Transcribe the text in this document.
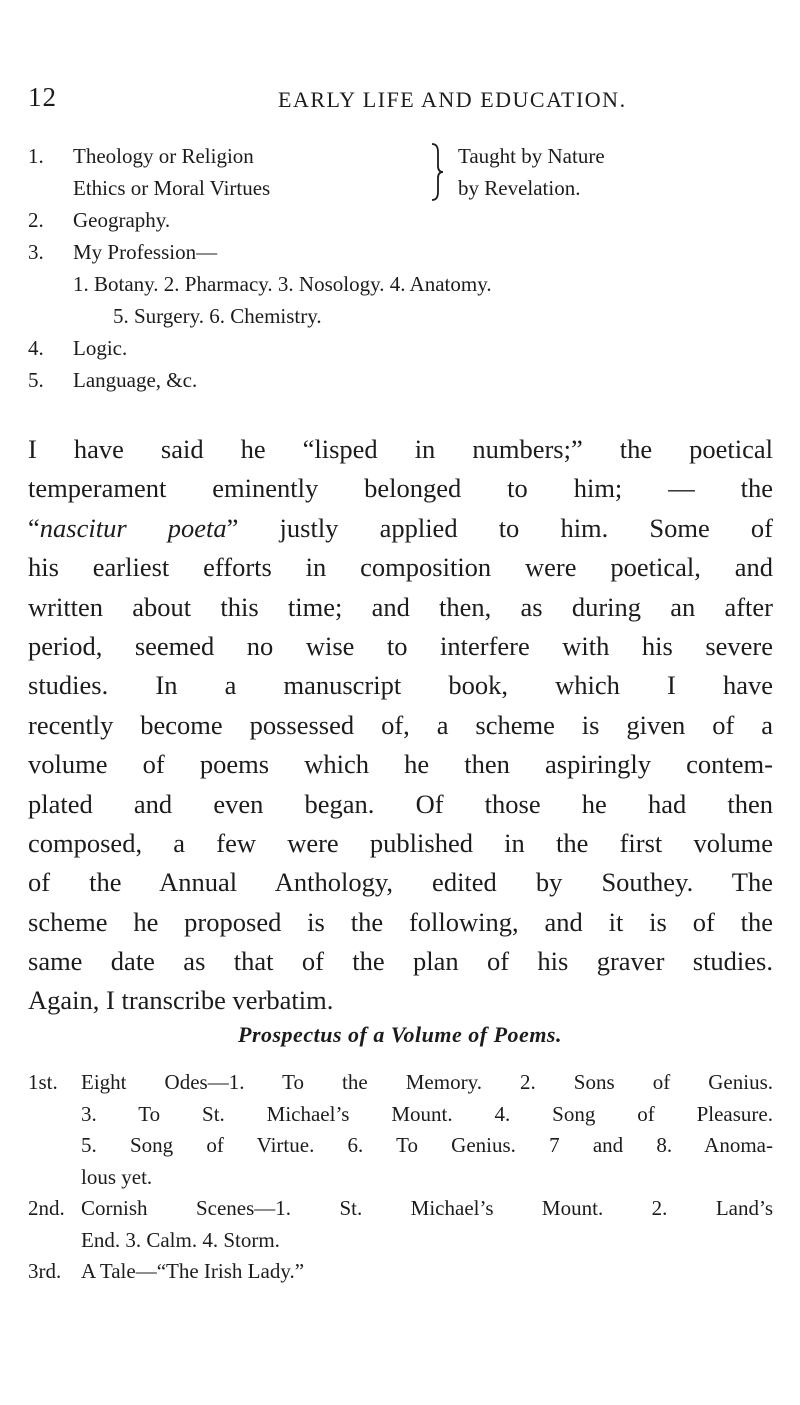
12	EARLY LIFE AND EDUCATION.
1.	Theology or Religion	Taught by Nature
Ethics or Moral Virtues	by Revelation.
2.	Geography.
3.	My Profession—
1. Botany. 2. Pharmacy. 3. Nosology. 4. Anatomy.
5. Surgery. 6. Chemistry.
4.	Logic.
5.	Language, &c.
I have said he “lisped in numbers;” the poetical
temperament eminently belonged to him; — the
“nascitur poeta” justly applied to him. Some of
his earliest efforts in composition were poetical, and
written about this time; and then, as during an after
period, seemed no wise to interfere with his severe
studies. In a manuscript book, which I have
recently become possessed of, a scheme is given of a
volume of poems which he then aspiringly contem-
plated and even began. Of those he had then
composed, a few were published in the first volume
of the Annual Anthology, edited by Southey. The
scheme he proposed is the following, and it is of the
same date as that of the plan of his graver studies.
Again, I transcribe verbatim.
Prospectus of a Volume of Poems.
1st. Eight Odes—1. To the Memory. 2. Sons of Genius.
3. To St. Michael’s Mount. 4. Song of Pleasure.
5. Song of Virtue. 6. To Genius. 7 and 8. Anoma-
lous yet.
2nd. Cornish Scenes—1. St. Michael’s Mount. 2. Land’s
End. 3. Calm. 4. Storm.
3rd. A Tale—“The Irish Lady.”
